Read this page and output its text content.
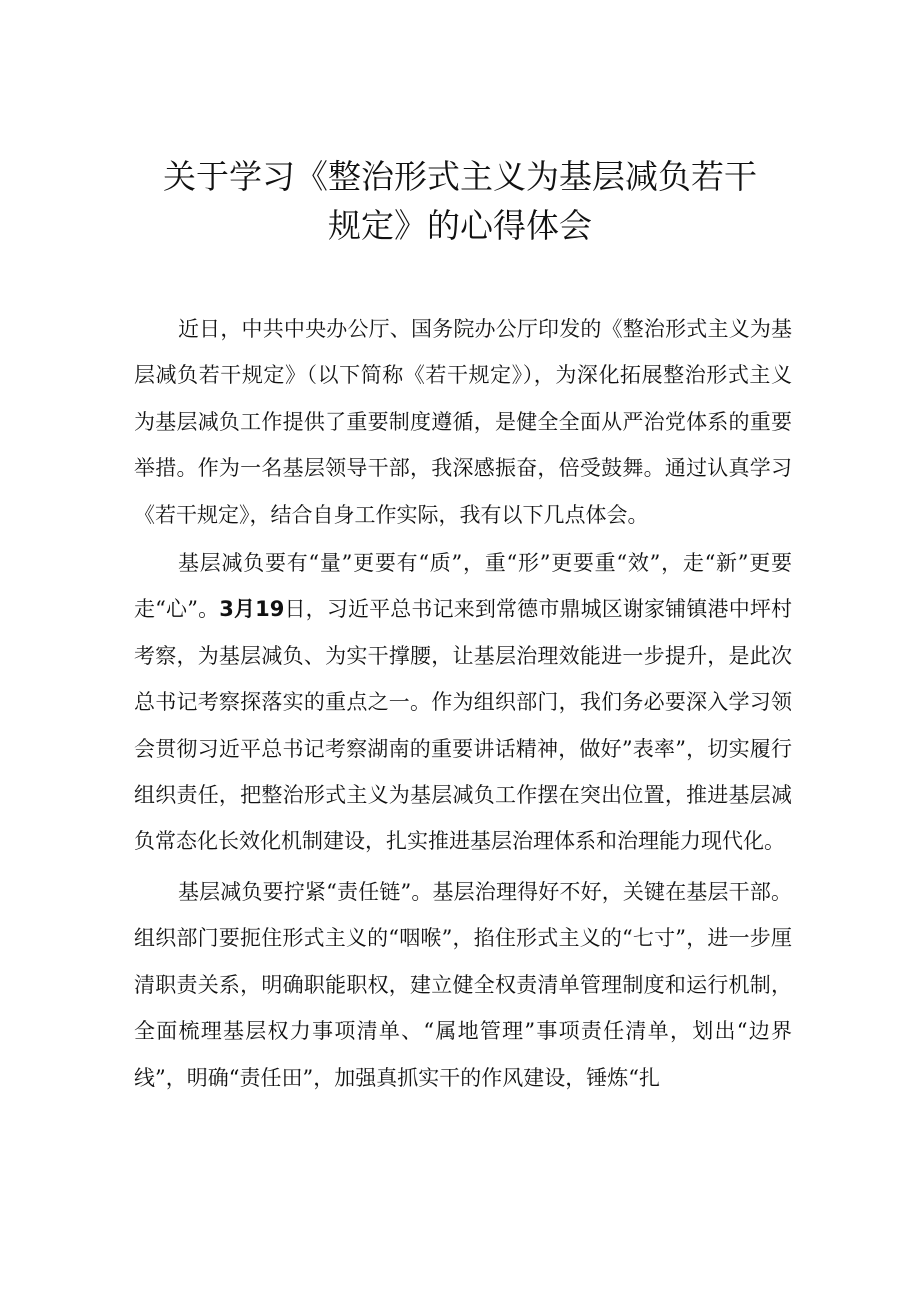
关于学习《整治形式主义为基层减负若干
规定》的心得体会

近日，中共中央办公厅、国务院办公厅印发的《整治形式主义为基层减负若干规定》（以下简称《若干规定》），为深化拓展整治形式主义为基层减负工作提供了重要制度遵循，是健全全面从严治党体系的重要举措。作为一名基层领导干部，我深感振奋，倍受鼓舞。通过认真学习《若干规定》，结合自身工作实际，我有以下几点体会。

基层减负要有“量”更要有“质”，重“形”更要重“效”，走“新”更要走“心”。3月19日，习近平总书记来到常德市鼎城区谢家铺镇港中坪村考察，为基层减负、为实干撑腰，让基层治理效能进一步提升，是此次总书记考察探落实的重点之一。作为组织部门，我们务必要深入学习领会贯彻习近平总书记考察湖南的重要讲话精神，做好”表率”，切实履行组织责任，把整治形式主义为基层减负工作摆在突出位置，推进基层减负常态化长效化机制建设，扎实推进基层治理体系和治理能力现代化。

基层减负要拧紧“责任链”。基层治理得好不好，关键在基层干部。组织部门要扼住形式主义的“咽喉”，掐住形式主义的“七寸”，进一步厘清职责关系，明确职能职权，建立健全权责清单管理制度和运行机制，全面梳理基层权力事项清单、“属地管理”事项责任清单，划出“边界线”，明确“责任田”，加强真抓实干的作风建设，锤炼“扎
